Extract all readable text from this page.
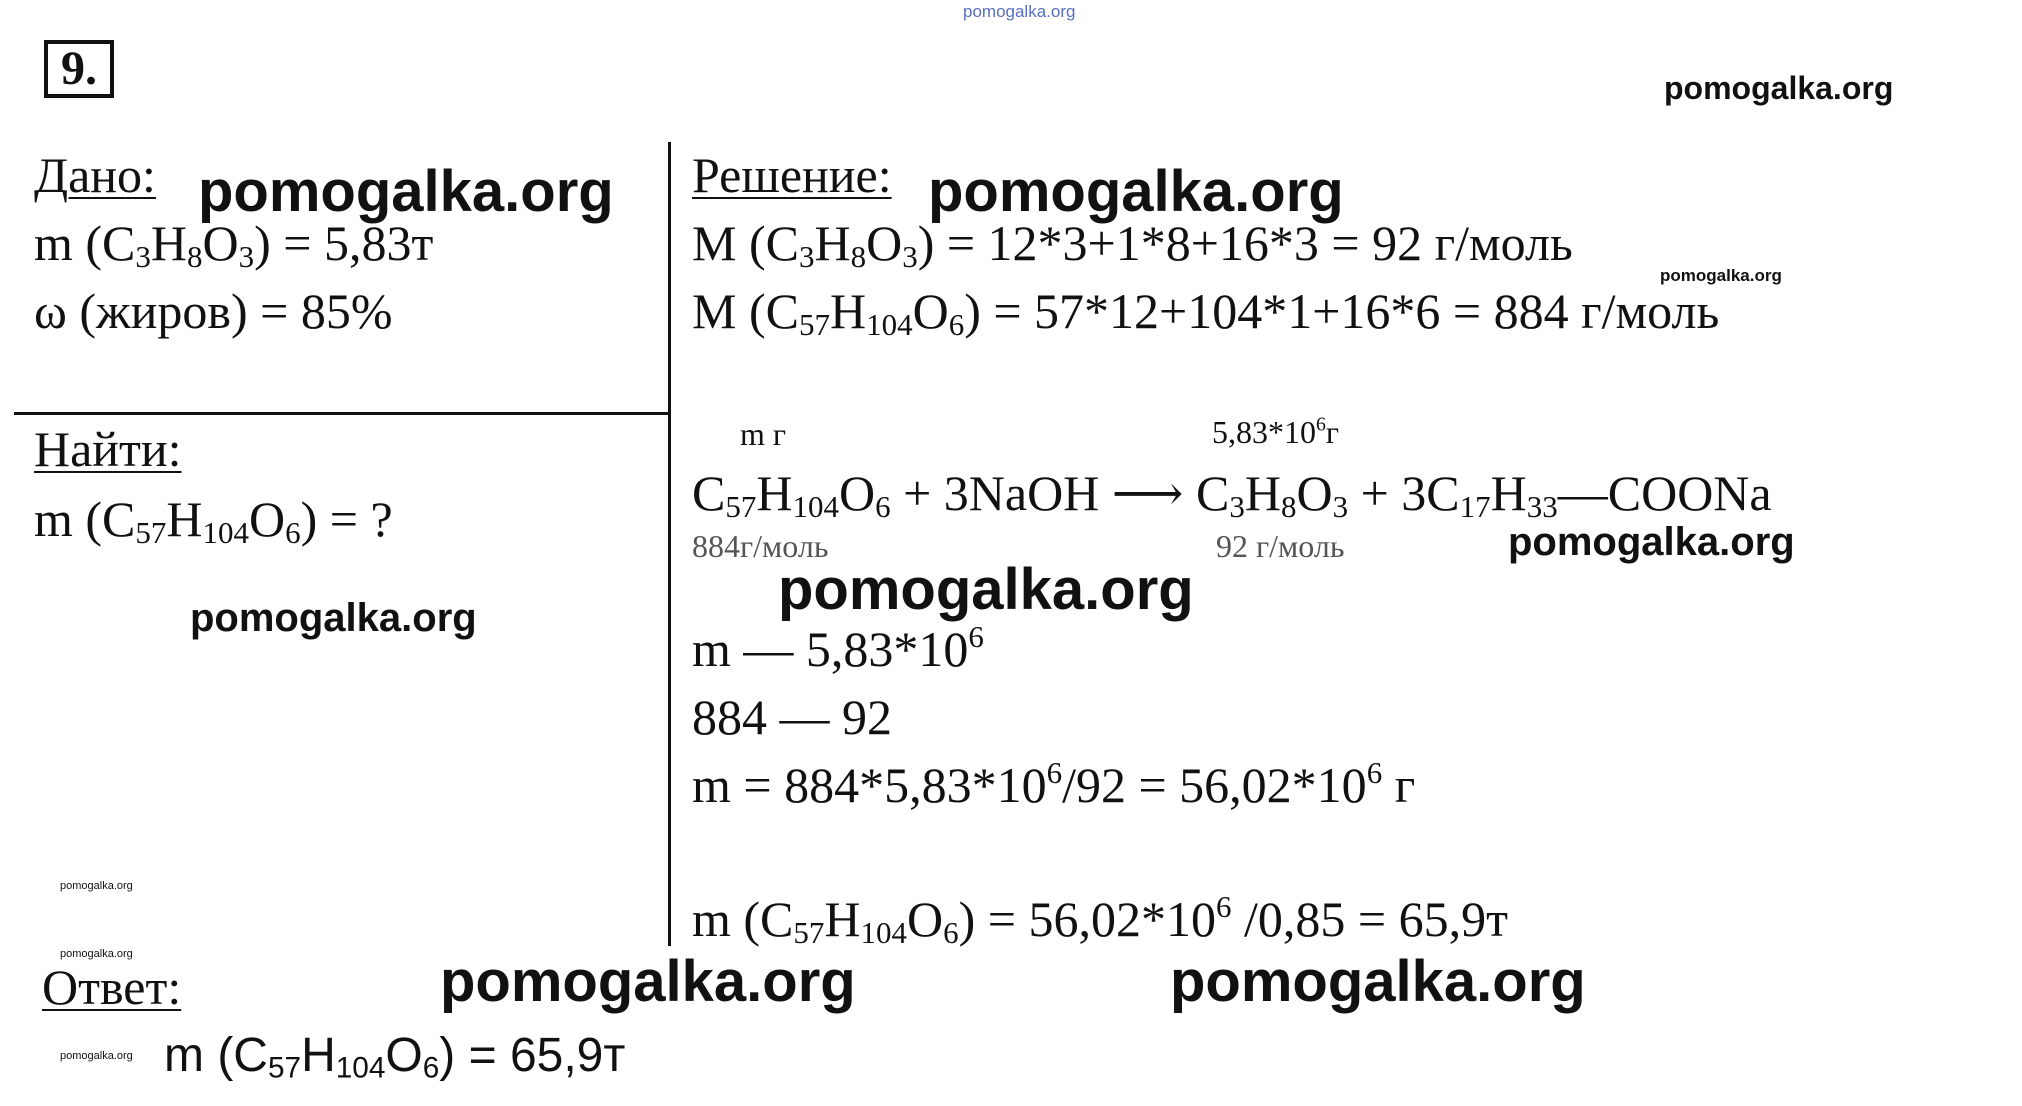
9.
pomogalka.org
pomogalka.org
pomogalka.org	pomogalka.org
pomogalka.org
pomogalka.org
pomogalka.org
pomogalka.org
pomogalka.org
pomogalka.org	pomogalka.org	pomogalka.org
pomogalka.org
Дано:
m $(C_3H_8O_3) = 5,83т$
ω (жиров) = 85%
Найти:
m $(C_{57}H_{104}O_6)$ = ?
Решение:
M $(C_3H_8O_3) = 12*3+1*8+16*3 = 92$ г/моль
M $(C_{57}H_{104}O_6) = 57*12+104*1+16*6 = 884$ г/моль
m г	$5,83*10^6г$
$C_{57}H_{104}O_6$ + 3NaOH ⟶ $C_3H_8O_3$ + $3C_{17}H_{33}—COONa$
884г/моль	92 г/моль
m — $5,83*10^6$
884 — 92
$m = 884*5,83*10^6/92 = 56,02*10^6$ г
m $(C_{57}H_{104}O_6) = 56,02*10^6$ /0,85 = 65,9т
Ответ:
m $(C_{57}H_{104}O_6) = 65,9т$
